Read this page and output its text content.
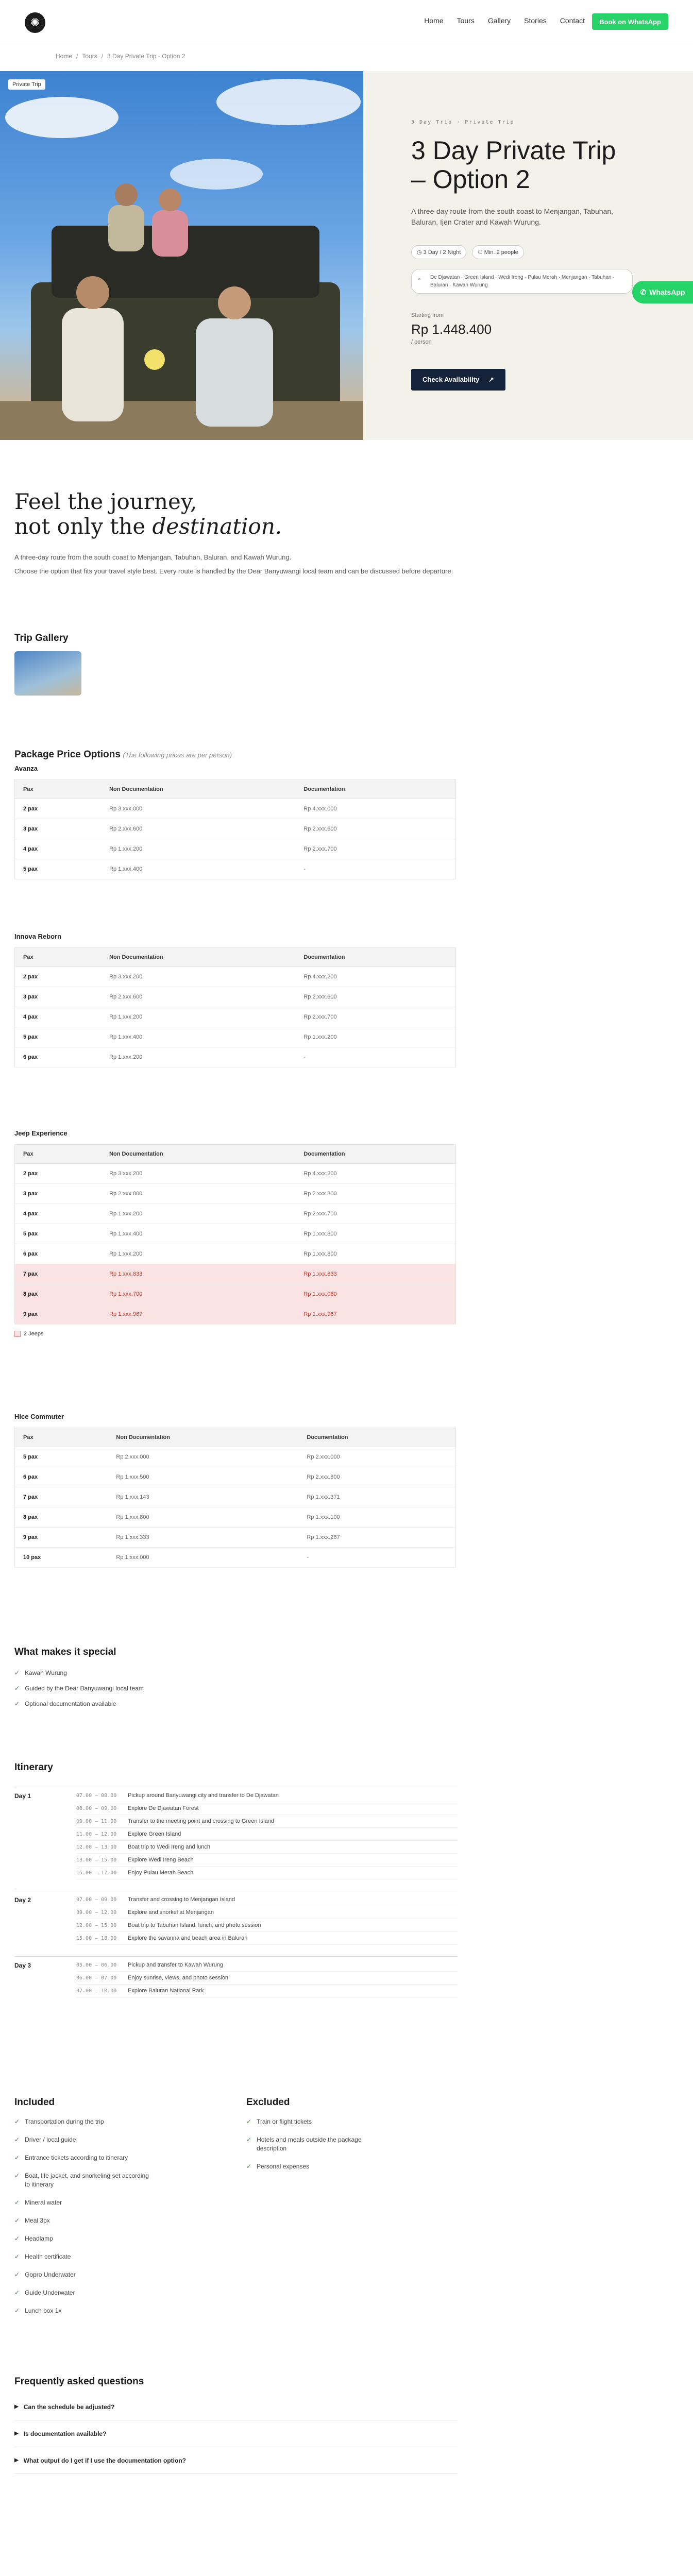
✺	Home Tours Gallery Stories Contact	Book on WhatsApp
Home / Tours / 3 Day Private Trip - Option 2
Private Trip
3 Day Trip · Private Trip
3 Day Private Trip
– Option 2
A three-day route from the south coast to Menjangan, Tabuhan, Baluran, Ijen Crater and Kawah Wurung.
◷ 3 Day / 2 Night	⚇ Min. 2 people
⌖ De Djawatan · Green Island · Wedi Ireng · Pulau Merah · Menjangan · Tabuhan · Baluran · Kawah Wurung
Starting from
Rp 1.448.400
/ person
Check Availability ↗
✆ WhatsApp
Feel the journey,
not only the destination.

A three-day route from the south coast to Menjangan, Tabuhan, Baluran, and Kawah Wurung.

Choose the option that fits your travel style best. Every route is handled by the Dear Banyuwangi local team and can be discussed before departure.

Trip Gallery
Package Price Options (The following prices are per person)
Avanza
Pax	Non Documentation	Documentation
2 pax	Rp 3.xxx.000	Rp 4.xxx.000
3 pax	Rp 2.xxx.600	Rp 2.xxx.600
4 pax	Rp 1.xxx.200	Rp 2.xxx.700
5 pax	Rp 1.xxx.400	-
Innova Reborn
Pax	Non Documentation	Documentation
2 pax	Rp 3.xxx.200	Rp 4.xxx.200
3 pax	Rp 2.xxx.600	Rp 2.xxx.600
4 pax	Rp 1.xxx.200	Rp 2.xxx.700
5 pax	Rp 1.xxx.400	Rp 1.xxx.200
6 pax	Rp 1.xxx.200	-
Jeep Experience
Pax	Non Documentation	Documentation
2 pax	Rp 3.xxx.200	Rp 4.xxx.200
3 pax	Rp 2.xxx.800	Rp 2.xxx.800
4 pax	Rp 1.xxx.200	Rp 2.xxx.700
5 pax	Rp 1.xxx.400	Rp 1.xxx.800
6 pax	Rp 1.xxx.200	Rp 1.xxx.800
7 pax	Rp 1.xxx.833	Rp 1.xxx.833
8 pax	Rp 1.xxx.700	Rp 1.xxx.060
9 pax	Rp 1.xxx.967	Rp 1.xxx.967
2 Jeeps
Hice Commuter
Pax	Non Documentation	Documentation
5 pax	Rp 2.xxx.000	Rp 2.xxx.000
6 pax	Rp 1.xxx.500	Rp 2.xxx.800
7 pax	Rp 1.xxx.143	Rp 1.xxx.371
8 pax	Rp 1.xxx.800	Rp 1.xxx.100
9 pax	Rp 1.xxx.333	Rp 1.xxx.267
10 pax	Rp 1.xxx.000	-
What makes it special
✓ Kawah Wurung
✓ Guided by the Dear Banyuwangi local team
✓ Optional documentation available
Itinerary
Day 1	07.00 — 08.00	Pickup around Banyuwangi city and transfer to De Djawatan
08.00 — 09.00	Explore De Djawatan Forest
09.00 — 11.00	Transfer to the meeting point and crossing to Green Island
11.00 — 12.00	Explore Green Island
12.00 — 13.00	Boat trip to Wedi Ireng and lunch
13.00 — 15.00	Explore Wedi Ireng Beach
15.00 — 17.00	Enjoy Pulau Merah Beach
Day 2	07.00 — 09.00	Transfer and crossing to Menjangan Island
09.00 — 12.00	Explore and snorkel at Menjangan
12.00 — 15.00	Boat trip to Tabuhan Island, lunch, and photo session
15.00 — 18.00	Explore the savanna and beach area in Baluran
Day 3	05.00 — 06.00	Pickup and transfer to Kawah Wurung
06.00 — 07.00	Enjoy sunrise, views, and photo session
07.00 — 10.00	Explore Baluran National Park
Included
✓ Transportation during the trip
✓ Driver / local guide
✓ Entrance tickets according to itinerary
✓ Boat, life jacket, and snorkeling set according to itinerary
✓ Mineral water
✓ Meal 3px
✓ Headlamp
✓ Health certificate
✓ Gopro Underwater
✓ Guide Underwater
✓ Lunch box 1x
Excluded
✓ Train or flight tickets
✓ Hotels and meals outside the package description
✓ Personal expenses
Frequently asked questions
▶ Can the schedule be adjusted?
▶ Is documentation available?
▶ What output do I get if I use the documentation option?
